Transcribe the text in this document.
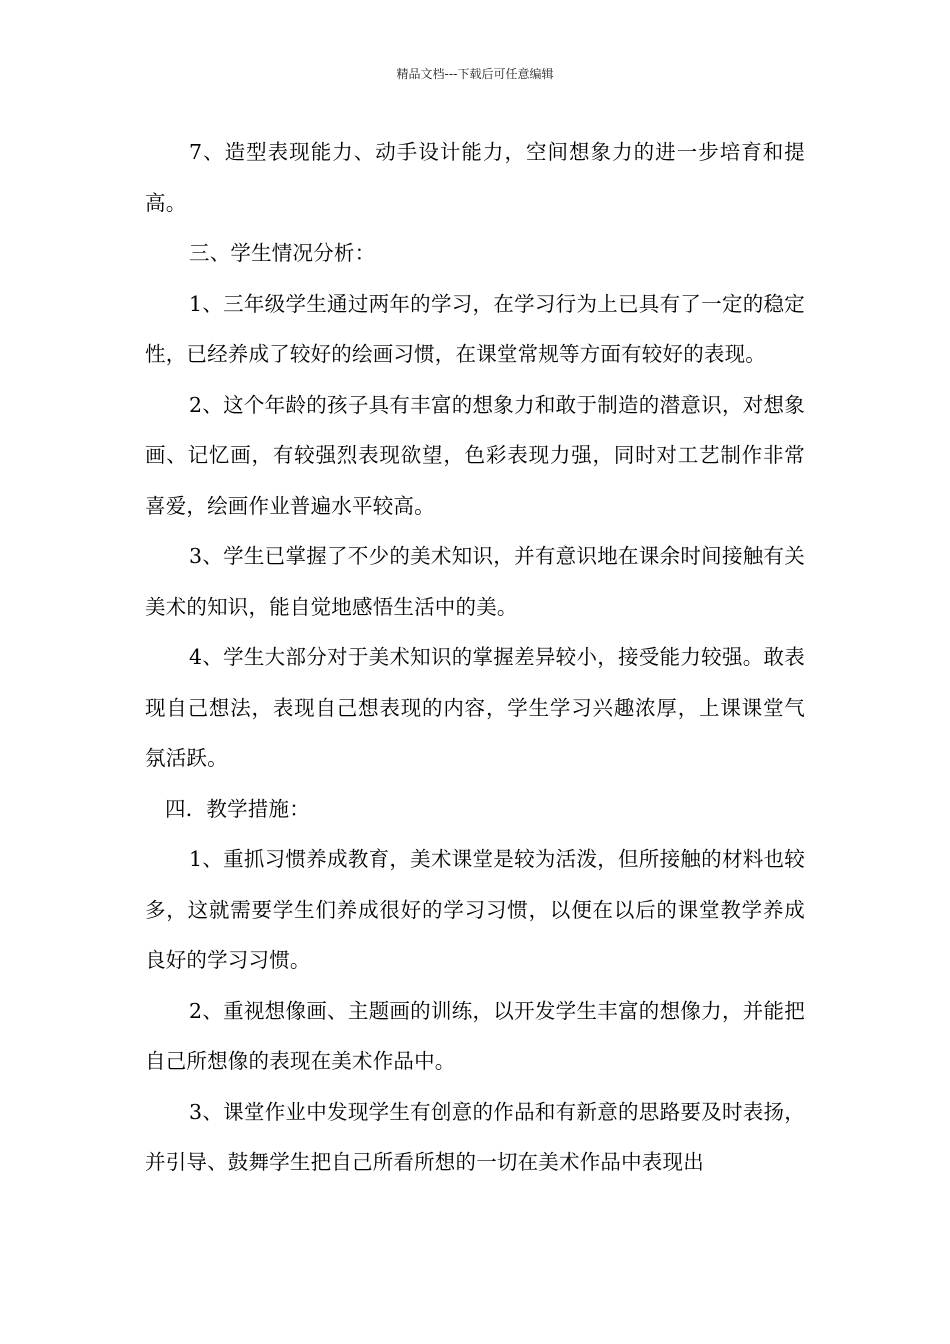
精品文档---下载后可任意编辑

7、造型表现能力、动手设计能力，空间想象力的进一步培育和提高。

三、学生情况分析：

1、三年级学生通过两年的学习，在学习行为上已具有了一定的稳定性，已经养成了较好的绘画习惯，在课堂常规等方面有较好的表现。

2、这个年龄的孩子具有丰富的想象力和敢于制造的潜意识，对想象画、记忆画，有较强烈表现欲望，色彩表现力强，同时对工艺制作非常喜爱，绘画作业普遍水平较高。

3、学生已掌握了不少的美术知识，并有意识地在课余时间接触有关美术的知识，能自觉地感悟生活中的美。

4、学生大部分对于美术知识的掌握差异较小，接受能力较强。敢表现自己想法，表现自己想表现的内容，学生学习兴趣浓厚，上课课堂气氛活跃。

四．教学措施：

1、重抓习惯养成教育，美术课堂是较为活泼，但所接触的材料也较多，这就需要学生们养成很好的学习习惯，以便在以后的课堂教学养成良好的学习习惯。

2、重视想像画、主题画的训练，以开发学生丰富的想像力，并能把自己所想像的表现在美术作品中。

3、课堂作业中发现学生有创意的作品和有新意的思路要及时表扬，并引导、鼓舞学生把自己所看所想的一切在美术作品中表现出
